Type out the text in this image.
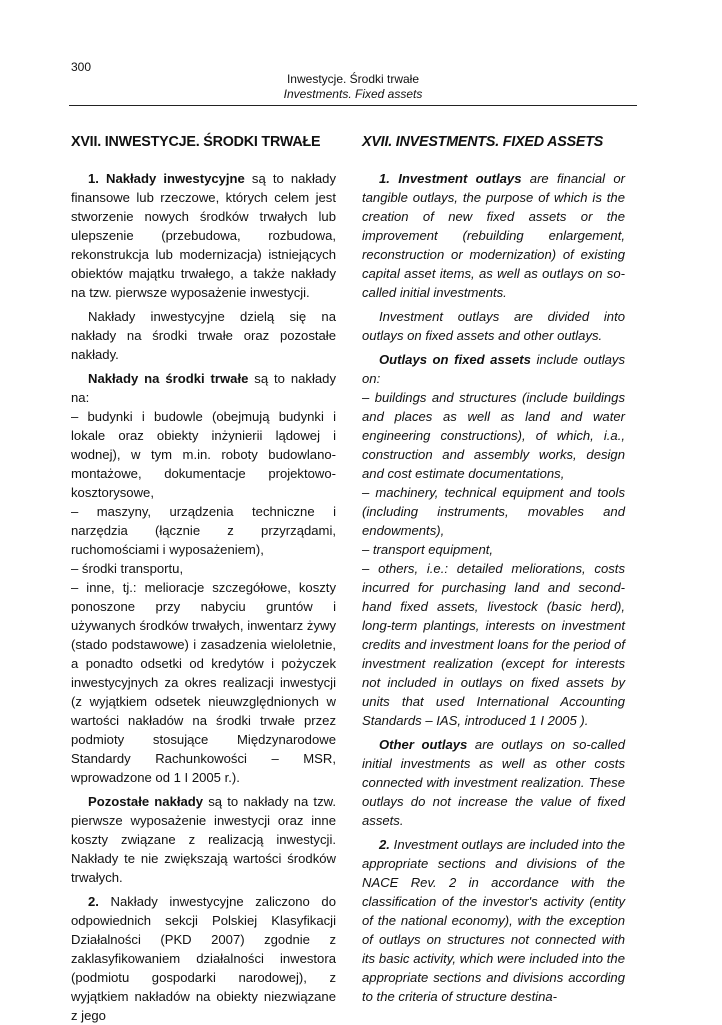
300
Inwestycje. Środki trwałe
Investments. Fixed assets
XVII. INWESTYCJE. ŚRODKI TRWAŁE

1. Nakłady inwestycyjne są to nakłady finansowe lub rzeczowe, których celem jest stworzenie nowych środków trwałych lub ulepszenie (przebudowa, rozbudowa, rekonstrukcja lub modernizacja) istniejących obiektów majątku trwałego, a także nakłady na tzw. pierwsze wyposażenie inwestycji.

Nakłady inwestycyjne dzielą się na nakłady na środki trwałe oraz pozostałe nakłady.

Nakłady na środki trwałe są to nakłady na:

– budynki i budowle (obejmują budynki i lokale oraz obiekty inżynierii lądowej i wodnej), w tym m.in. roboty budowlano-montażowe, dokumentacje projektowo-kosztorysowe,

– maszyny, urządzenia techniczne i narzędzia (łącznie z przyrządami, ruchomościami i wyposażeniem),

– środki transportu,

– inne, tj.: melioracje szczegółowe, koszty ponoszone przy nabyciu gruntów i używanych środków trwałych, inwentarz żywy (stado podstawowe) i zasadzenia wieloletnie, a ponadto odsetki od kredytów i pożyczek inwestycyjnych za okres realizacji inwestycji (z wyjątkiem odsetek nieuwzględnionych w wartości nakładów na środki trwałe przez podmioty stosujące Międzynarodowe Standardy Rachunkowości – MSR, wprowadzone od 1 I 2005 r.).

Pozostałe nakłady są to nakłady na tzw. pierwsze wyposażenie inwestycji oraz inne koszty związane z realizacją inwestycji. Nakłady te nie zwiększają wartości środków trwałych.

2. Nakłady inwestycyjne zaliczono do odpowiednich sekcji Polskiej Klasyfikacji Działalności (PKD 2007) zgodnie z zaklasyfikowaniem działalności inwestora (podmiotu gospodarki narodowej), z wyjątkiem nakładów na obiekty niezwiązane z jego

XVII. INVESTMENTS. FIXED ASSETS

1. Investment outlays are financial or tangible outlays, the purpose of which is the creation of new fixed assets or the improvement (rebuilding enlargement, reconstruction or modernization) of existing capital asset items, as well as outlays on so-called initial investments.

Investment outlays are divided into outlays on fixed assets and other outlays.

Outlays on fixed assets include outlays on:

– buildings and structures (include buildings and places as well as land and water engineering constructions), of which, i.a., construction and assembly works, design and cost estimate documentations,

– machinery, technical equipment and tools (including instruments, movables and endowments),

– transport equipment,

– others, i.e.: detailed meliorations, costs incurred for purchasing land and second-hand fixed assets, livestock (basic herd), long-term plantings, interests on investment credits and investment loans for the period of investment realization (except for interests not included in outlays on fixed assets by units that used International Accounting Standards – IAS, introduced 1 I 2005 ).

Other outlays are outlays on so-called initial investments as well as other costs connected with investment realization. These outlays do not increase the value of fixed assets.

2. Investment outlays are included into the appropriate sections and divisions of the NACE Rev. 2 in accordance with the classification of the investor's activity (entity of the national economy), with the exception of outlays on structures not connected with its basic activity, which were included into the appropriate sections and divisions according to the criteria of structure destina-
